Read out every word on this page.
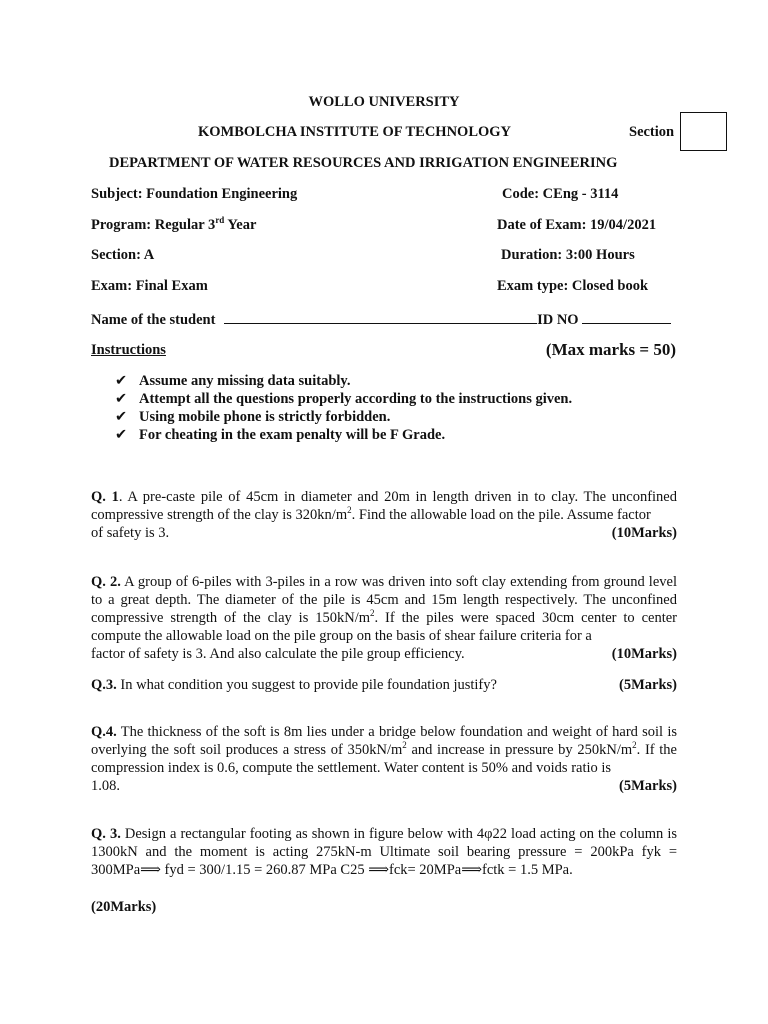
WOLLO UNIVERSITY
KOMBOLCHA INSTITUTE OF TECHNOLOGY	Section
DEPARTMENT OF WATER RESOURCES AND IRRIGATION ENGINEERING
Subject: Foundation Engineering	Code: CEng - 3114
Program: Regular 3rd Year	Date of Exam: 19/04/2021
Section: A	Duration: 3:00 Hours
Exam: Final Exam	Exam type: Closed book
Name of the student	ID NO
Instructions	(Max marks = 50)
✔ Assume any missing data suitably.
✔ Attempt all the questions properly according to the instructions given.
✔ Using mobile phone is strictly forbidden.
✔ For cheating in the exam penalty will be F Grade.
Q. 1. A pre-caste pile of 45cm in diameter and 20m in length driven in to clay. The unconfined compressive strength of the clay is $320kn/m^2$. Find the allowable load on the pile. Assume factor
of safety is 3.	(10Marks)
Q. 2. A group of 6-piles with 3-piles in a row was driven into soft clay extending from ground level to a great depth. The diameter of the pile is 45cm and 15m length respectively. The unconfined compressive strength of the clay is $150kN/m^2$. If the piles were spaced 30cm center to center compute the allowable load on the pile group on the basis of shear failure criteria for a
factor of safety is 3. And also calculate the pile group efficiency.	(10Marks)
Q.3. In what condition you suggest to provide pile foundation justify?	(5Marks)
Q.4. The thickness of the soft is 8m lies under a bridge below foundation and weight of hard soil is overlying the soft soil produces a stress of $350kN/m^2$ and increase in pressure by $250kN/m^2$. If the compression index is 0.6, compute the settlement. Water content is 50% and voids ratio is
1.08.	(5Marks)
Q. 3. Design a rectangular footing as shown in figure below with 4φ22 load acting on the column is 1300kN and the moment is acting 275kN-m Ultimate soil bearing pressure = 200kPa fyk = 300MPa⟹ fyd = 300/1.15 = 260.87 MPa C25 ⟹fck= 20MPa⟹fctk = 1.5 MPa.
(20Marks)
